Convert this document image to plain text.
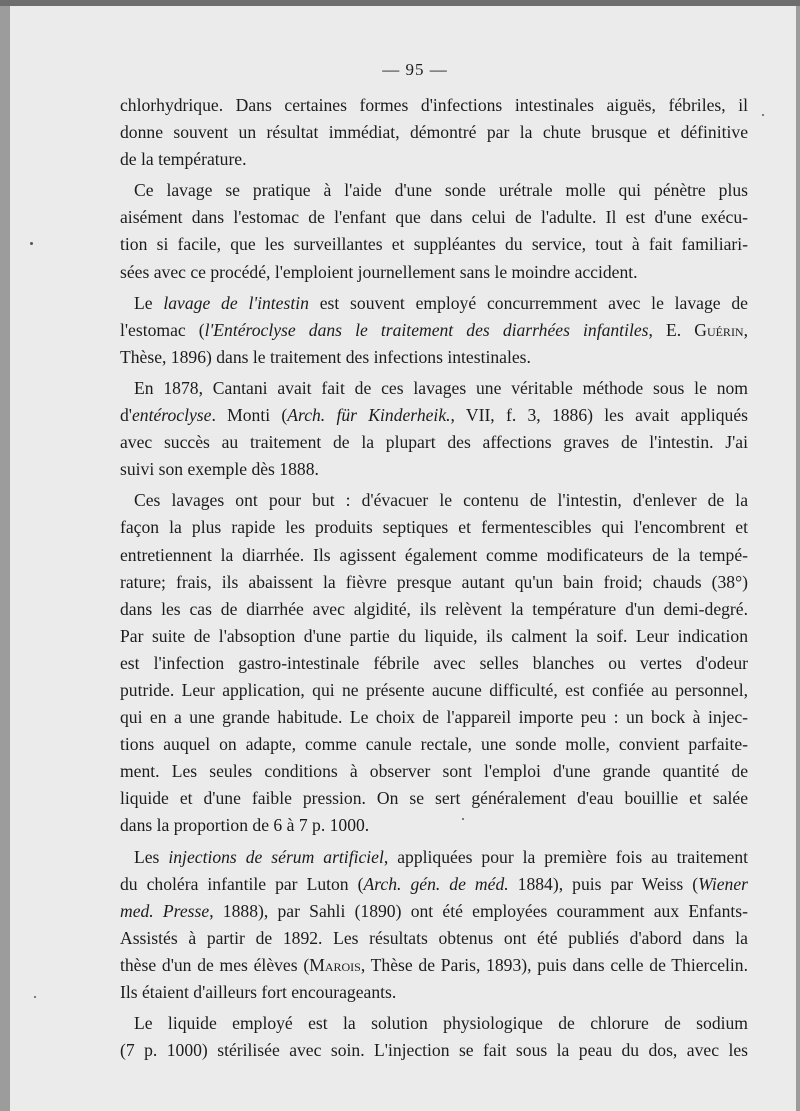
— 95 —

chlorhydrique. Dans certaines formes d'infections intestinales aiguës, fébriles, il
donne souvent un résultat immédiat, démontré par la chute brusque et définitive
de la température.

Ce lavage se pratique à l'aide d'une sonde urétrale molle qui pénètre plus
aisément dans l'estomac de l'enfant que dans celui de l'adulte. Il est d'une exécu-
tion si facile, que les surveillantes et suppléantes du service, tout à fait familiari-
sées avec ce procédé, l'emploient journellement sans le moindre accident.

Le lavage de l'intestin est souvent employé concurremment avec le lavage de
l'estomac (l'Entéroclyse dans le traitement des diarrhées infantiles, E. Guérin,
Thèse, 1896) dans le traitement des infections intestinales.

En 1878, Cantani avait fait de ces lavages une véritable méthode sous le nom
d'entéroclyse. Monti (Arch. für Kinderheik., VII, f. 3, 1886) les avait appliqués
avec succès au traitement de la plupart des affections graves de l'intestin. J'ai
suivi son exemple dès 1888.

Ces lavages ont pour but : d'évacuer le contenu de l'intestin, d'enlever de la
façon la plus rapide les produits septiques et fermentescibles qui l'encombrent et
entretiennent la diarrhée. Ils agissent également comme modificateurs de la tempé-
rature; frais, ils abaissent la fièvre presque autant qu'un bain froid; chauds (38°)
dans les cas de diarrhée avec algidité, ils relèvent la température d'un demi-degré.
Par suite de l'absoption d'une partie du liquide, ils calment la soif. Leur indication
est l'infection gastro-intestinale fébrile avec selles blanches ou vertes d'odeur
putride. Leur application, qui ne présente aucune difficulté, est confiée au personnel,
qui en a une grande habitude. Le choix de l'appareil importe peu : un bock à injec-
tions auquel on adapte, comme canule rectale, une sonde molle, convient parfaite-
ment. Les seules conditions à observer sont l'emploi d'une grande quantité de
liquide et d'une faible pression. On se sert généralement d'eau bouillie et salée
dans la proportion de 6 à 7 p. 1000.

Les injections de sérum artificiel, appliquées pour la première fois au traitement
du choléra infantile par Luton (Arch. gén. de méd. 1884), puis par Weiss (Wiener
med. Presse, 1888), par Sahli (1890) ont été employées couramment aux Enfants-
Assistés à partir de 1892. Les résultats obtenus ont été publiés d'abord dans la
thèse d'un de mes élèves (Marois, Thèse de Paris, 1893), puis dans celle de Thiercelin.
Ils étaient d'ailleurs fort encourageants.

Le liquide employé est la solution physiologique de chlorure de sodium
(7 p. 1000) stérilisée avec soin. L'injection se fait sous la peau du dos, avec les
